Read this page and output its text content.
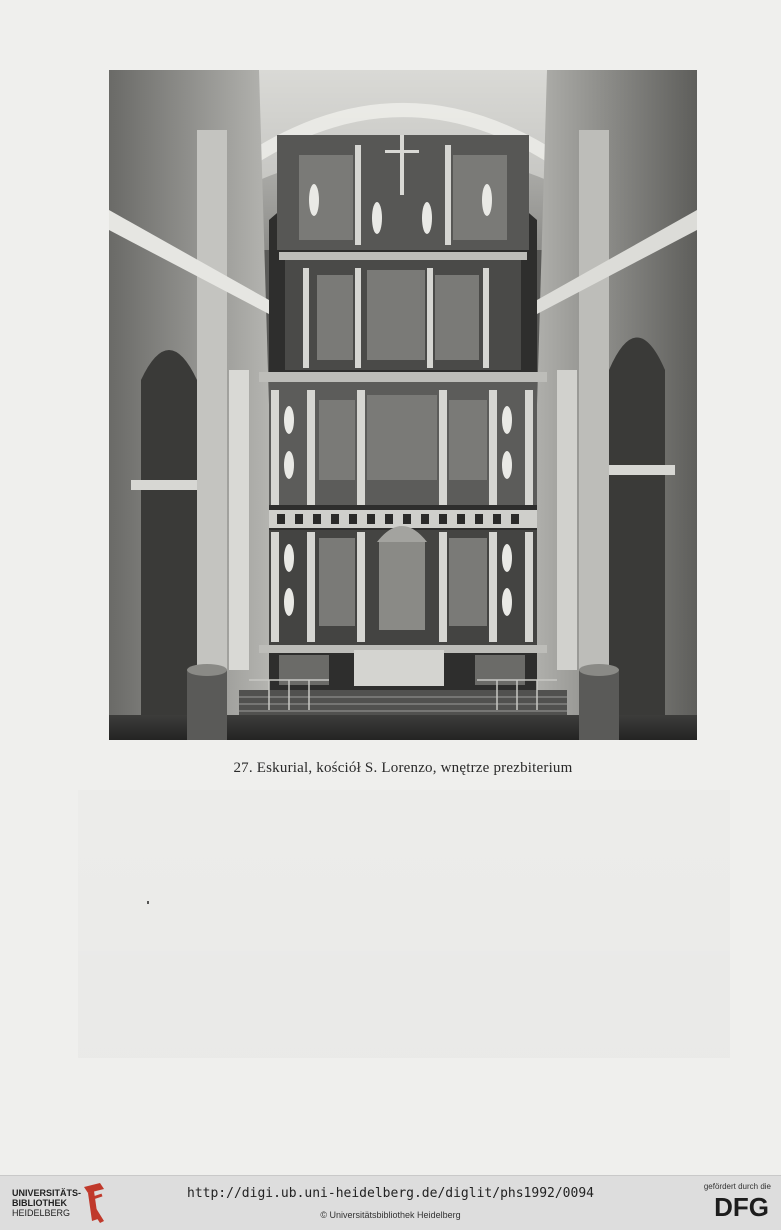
27. Eskurial, kościół S. Lorenzo, wnętrze prezbiterium
UNIVERSITÄTS-
BIBLIOTHEK
HEIDELBERG
http://digi.ub.uni-heidelberg.de/diglit/phs1992/0094
© Universitätsbibliothek Heidelberg
gefördert durch die
DFG
